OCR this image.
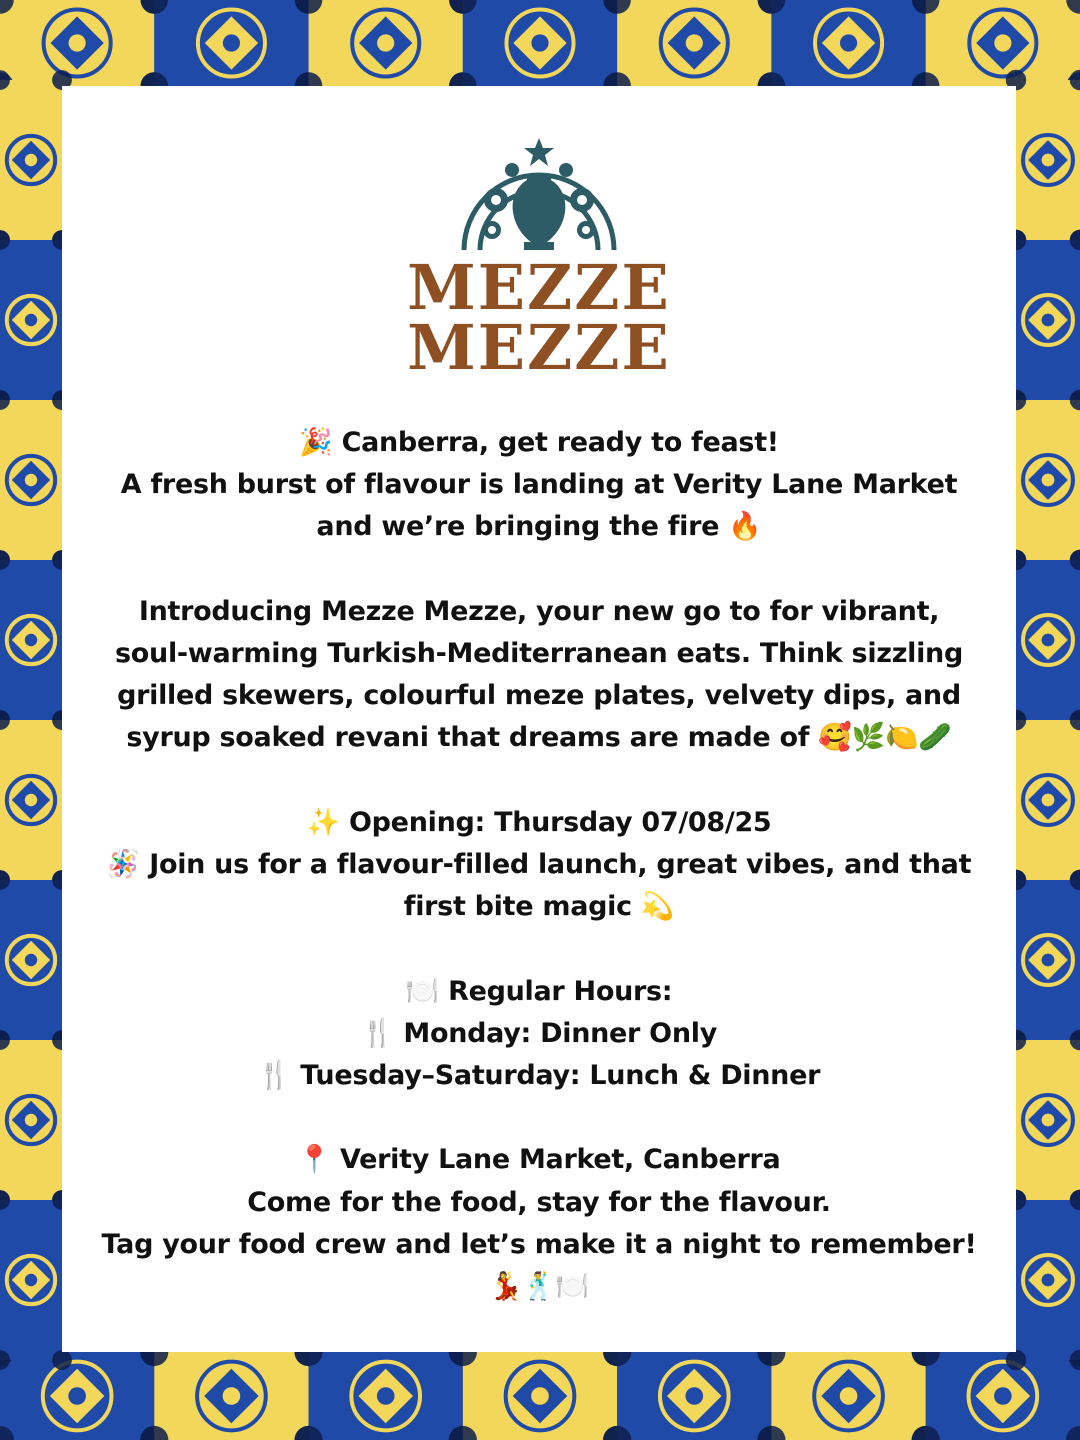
MEZZE
MEZZE
🎉 Canberra, get ready to feast!
A fresh burst of flavour is landing at Verity Lane Market
and we’re bringing the fire 🔥
Introducing Mezze Mezze, your new go to for vibrant,
soul-warming Turkish-Mediterranean eats. Think sizzling
grilled skewers, colourful meze plates, velvety dips, and
syrup soaked revani that dreams are made of 🥰🌿🍋🥒
✨ Opening: Thursday 07/08/25
🪅 Join us for a flavour-filled launch, great vibes, and that
first bite magic 💫
🍽️ Regular Hours:
🍴 Monday: Dinner Only
🍴 Tuesday–Saturday: Lunch & Dinner
📍 Verity Lane Market, Canberra
Come for the food, stay for the flavour.
Tag your food crew and let’s make it a night to remember!
💃🕺🍽️
